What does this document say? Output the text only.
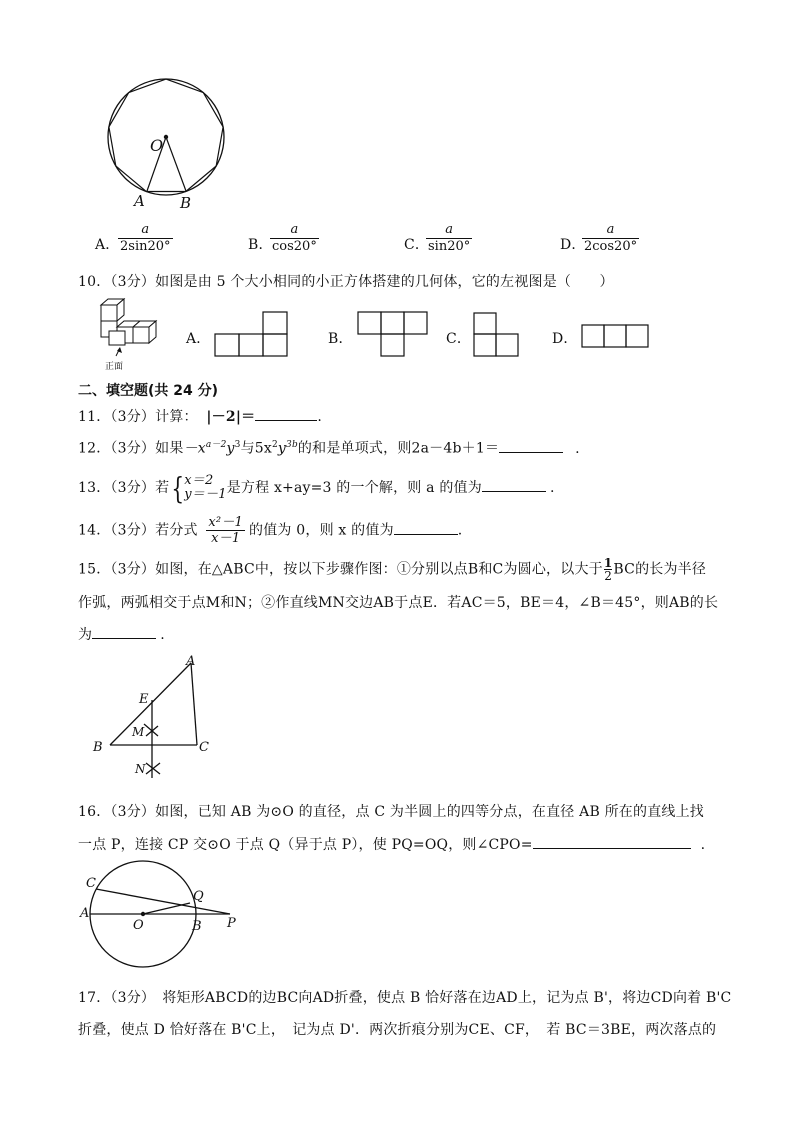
O
A B
A．
$\frac{a}{2\sin 20^\circ}$	B．
$\frac{a}{\cos 20^\circ}$	C．
$\frac{a}{\sin 20^\circ}$	D．
$\frac{a}{2\cos 20^\circ}$
10．（3分）如图是由 5 个大小相同的小正方体搭建的几何体，它的左视图是（　　）
正面
A．	B．	C．	D．
二、填空题(共 24 分)
11．（3分）计算： |－2|＝	.
12．（3分）如果$-x^{a-2}y^3$与$5x^2y^{3b}$的和是单项式，则2a－4b＋1＝	.
13．（3分）若 { x＝2
y＝－1 是方程 x+ay=3 的一个解，则 a 的值为	.
14．（3分）若分式 $\frac{\text{x²－1}}{x-1}$ 的值为 0，则 x 的值为	.
15．（3分）如图，在△ABC中，按以下步骤作图：①分别以点B和C为圆心，以大于 $\frac{1}{2}$ BC的长为半径
作弧，两弧相交于点M和N；②作直线MN交边AB于点E．若AC＝5，BE＝4，∠B＝45°，则AB的长
为	.
A
B	C
E
M
N
16．（3分）如图，已知 AB 为⊙O 的直径，点 C 为半圆上的四等分点，在直径 AB 所在的直线上找
一点 P，连接 CP 交⊙O 于点 Q（异于点 P），使 PQ=OQ，则∠CPO=	.
C
A
O	B
Q
P
17．（3分）　将矩形ABCD的边BC向AD折叠，使点 B 恰好落在边AD上，记为点 B'，将边CD向着 B'C
折叠，使点 D 恰好落在 B'C上，　记为点 D'．两次折痕分别为CE、CF，　若 BC＝3BE，两次落点的
